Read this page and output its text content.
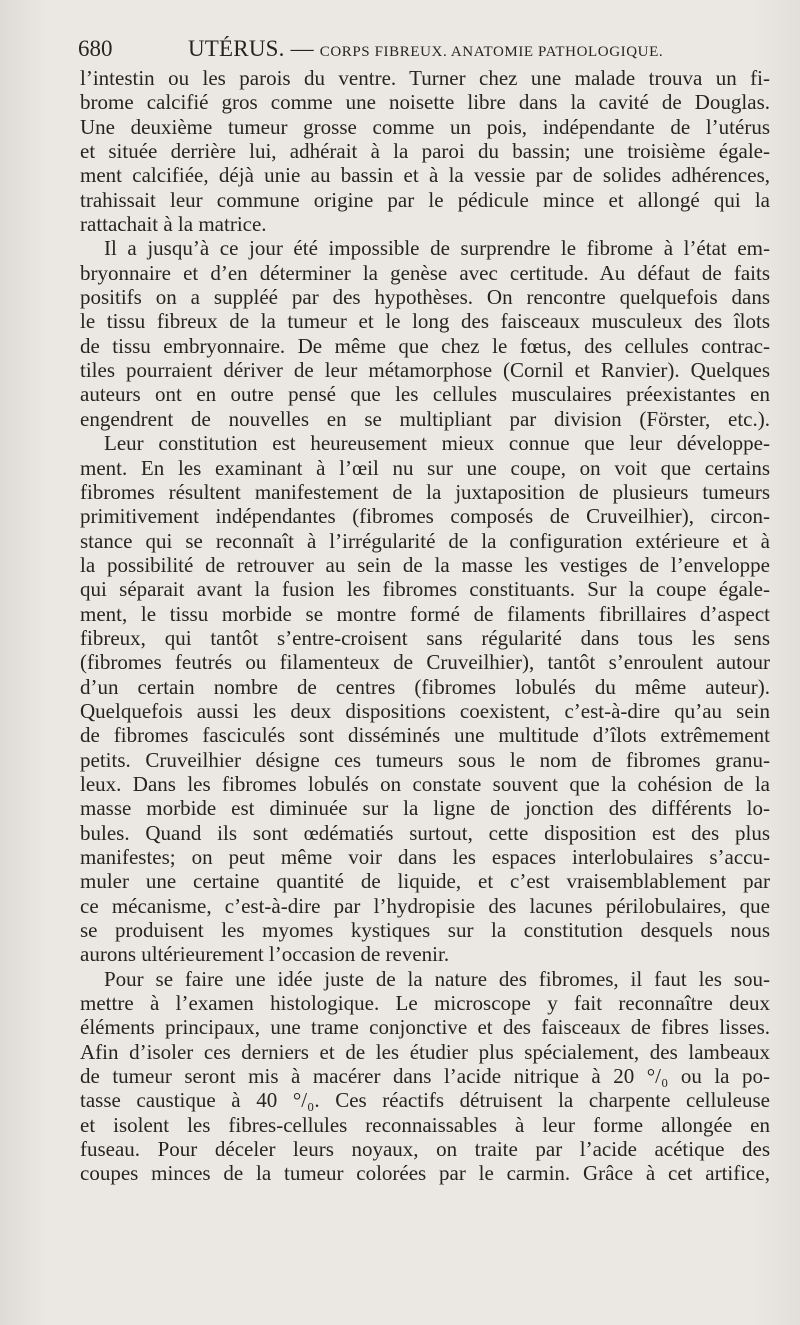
680	UTÉRUS. — CORPS FIBREUX. ANATOMIE PATHOLOGIQUE.
l’intestin ou les parois du ventre. Turner chez une malade trouva un fi-
brome calcifié gros comme une noisette libre dans la cavité de Douglas.
Une deuxième tumeur grosse comme un pois, indépendante de l’utérus
et située derrière lui, adhérait à la paroi du bassin; une troisième égale-
ment calcifiée, déjà unie au bassin et à la vessie par de solides adhérences,
trahissait leur commune origine par le pédicule mince et allongé qui la
rattachait à la matrice.
Il a jusqu’à ce jour été impossible de surprendre le fibrome à l’état em-
bryonnaire et d’en déterminer la genèse avec certitude. Au défaut de faits
positifs on a suppléé par des hypothèses. On rencontre quelquefois dans
le tissu fibreux de la tumeur et le long des faisceaux musculeux des îlots
de tissu embryonnaire. De même que chez le fœtus, des cellules contrac-
tiles pourraient dériver de leur métamorphose (Cornil et Ranvier). Quelques
auteurs ont en outre pensé que les cellules musculaires préexistantes en
engendrent de nouvelles en se multipliant par division (Förster, etc.).
Leur constitution est heureusement mieux connue que leur développe-
ment. En les examinant à l’œil nu sur une coupe, on voit que certains
fibromes résultent manifestement de la juxtaposition de plusieurs tumeurs
primitivement indépendantes (fibromes composés de Cruveilhier), circon-
stance qui se reconnaît à l’irrégularité de la configuration extérieure et à
la possibilité de retrouver au sein de la masse les vestiges de l’enveloppe
qui séparait avant la fusion les fibromes constituants. Sur la coupe égale-
ment, le tissu morbide se montre formé de filaments fibrillaires d’aspect
fibreux, qui tantôt s’entre-croisent sans régularité dans tous les sens
(fibromes feutrés ou filamenteux de Cruveilhier), tantôt s’enroulent autour
d’un certain nombre de centres (fibromes lobulés du même auteur).
Quelquefois aussi les deux dispositions coexistent, c’est-à-dire qu’au sein
de fibromes fasciculés sont disséminés une multitude d’îlots extrêmement
petits. Cruveilhier désigne ces tumeurs sous le nom de fibromes granu-
leux. Dans les fibromes lobulés on constate souvent que la cohésion de la
masse morbide est diminuée sur la ligne de jonction des différents lo-
bules. Quand ils sont œdématiés surtout, cette disposition est des plus
manifestes; on peut même voir dans les espaces interlobulaires s’accu-
muler une certaine quantité de liquide, et c’est vraisemblablement par
ce mécanisme, c’est-à-dire par l’hydropisie des lacunes périlobulaires, que
se produisent les myomes kystiques sur la constitution desquels nous
aurons ultérieurement l’occasion de revenir.
Pour se faire une idée juste de la nature des fibromes, il faut les sou-
mettre à l’examen histologique. Le microscope y fait reconnaître deux
éléments principaux, une trame conjonctive et des faisceaux de fibres lisses.
Afin d’isoler ces derniers et de les étudier plus spécialement, des lambeaux
de tumeur seront mis à macérer dans l’acide nitrique à 20 °/₀ ou la po-
tasse caustique à 40 °/₀. Ces réactifs détruisent la charpente celluleuse
et isolent les fibres-cellules reconnaissables à leur forme allongée en
fuseau. Pour déceler leurs noyaux, on traite par l’acide acétique des
coupes minces de la tumeur colorées par le carmin. Grâce à cet artifice,
